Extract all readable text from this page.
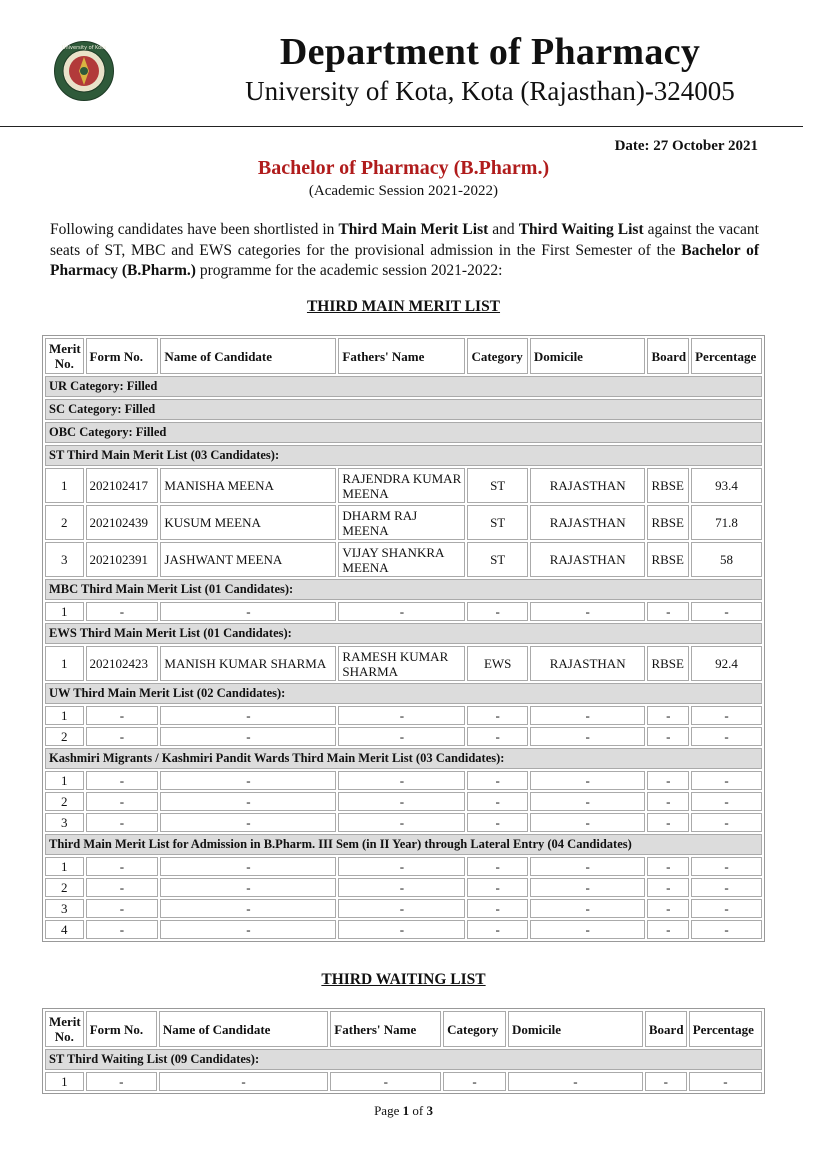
University of Kota	Department of Pharmacy
University of Kota, Kota (Rajasthan)-324005
Date: 27 October 2021
Bachelor of Pharmacy (B.Pharm.)
(Academic Session 2021-2022)
Following candidates have been shortlisted in Third Main Merit List and Third Waiting List against the vacant seats of ST, MBC and EWS categories for the provisional admission in the First Semester of the Bachelor of Pharmacy (B.Pharm.) programme for the academic session 2021-2022:
THIRD MAIN MERIT LIST
Merit No.	Form No.	Name of Candidate	Fathers' Name	Category	Domicile	Board	Percentage
UR Category: Filled							
SC Category: Filled							
OBC Category: Filled							
ST Third Main Merit List (03 Candidates):							
1	202102417	MANISHA MEENA	RAJENDRA KUMAR MEENA	ST	RAJASTHAN	RBSE	93.4
2	202102439	KUSUM MEENA	DHARM RAJ MEENA	ST	RAJASTHAN	RBSE	71.8
3	202102391	JASHWANT MEENA	VIJAY SHANKRA MEENA	ST	RAJASTHAN	RBSE	58
MBC Third Main Merit List (01 Candidates):							
1	-	-	-	-	-	-	-
EWS Third Main Merit List (01 Candidates):							
1	202102423	MANISH KUMAR SHARMA	RAMESH KUMAR SHARMA	EWS	RAJASTHAN	RBSE	92.4
UW Third Main Merit List (02 Candidates):							
1	-	-	-	-	-	-	-
2	-	-	-	-	-	-	-
Kashmiri Migrants / Kashmiri Pandit Wards Third Main Merit List (03 Candidates):							
1	-	-	-	-	-	-	-
2	-	-	-	-	-	-	-
3	-	-	-	-	-	-	-
Third Main Merit List for Admission in B.Pharm. III Sem (in II Year) through Lateral Entry (04 Candidates)							
1	-	-	-	-	-	-	-
2	-	-	-	-	-	-	-
3	-	-	-	-	-	-	-
4	-	-	-	-	-	-	-
THIRD WAITING LIST
Merit No.	Form No.	Name of Candidate	Fathers' Name	Category	Domicile	Board	Percentage
ST Third Waiting List (09 Candidates):							
1	-	-	-	-	-	-	-
Page 1 of 3
